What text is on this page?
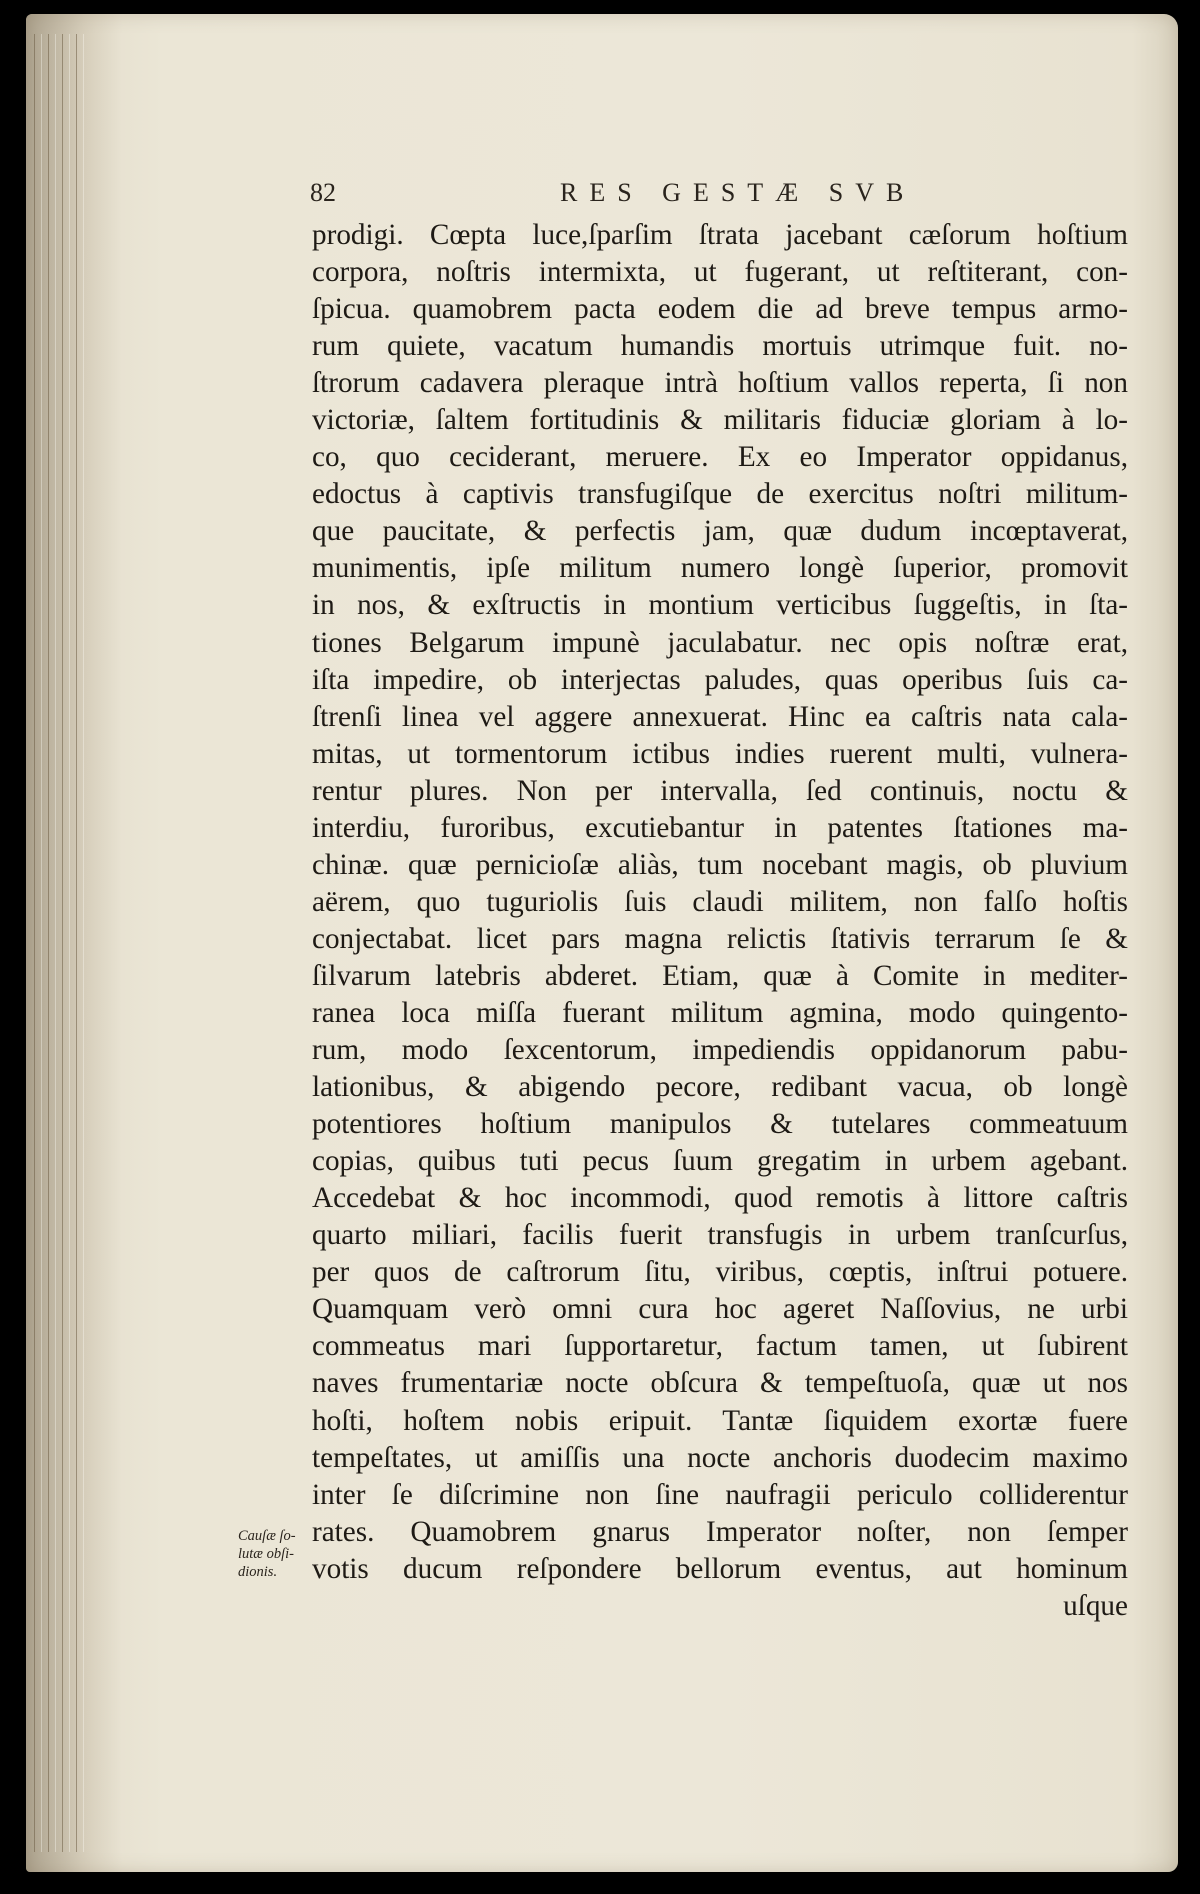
82	RES GESTÆ SVB
prodigi. Cœpta luce,ſparſim ſtrata jacebant cæſorum hoſtium
corpora, noſtris intermixta, ut fugerant, ut reſtiterant, con-
ſpicua. quamobrem pacta eodem die ad breve tempus armo-
rum quiete, vacatum humandis mortuis utrimque fuit. no-
ſtrorum cadavera pleraque intrà hoſtium vallos reperta, ſi non
victoriæ, ſaltem fortitudinis & militaris fiduciæ gloriam à lo-
co, quo ceciderant, meruere. Ex eo Imperator oppidanus,
edoctus à captivis transfugiſque de exercitus noſtri militum-
que paucitate, & perfectis jam, quæ dudum incœptaverat,
munimentis, ipſe militum numero longè ſuperior, promovit
in nos, & exſtructis in montium verticibus ſuggeſtis, in ſta-
tiones Belgarum impunè jaculabatur. nec opis noſtræ erat,
iſta impedire, ob interjectas paludes, quas operibus ſuis ca-
ſtrenſi linea vel aggere annexuerat. Hinc ea caſtris nata cala-
mitas, ut tormentorum ictibus indies ruerent multi, vulnera-
rentur plures. Non per intervalla, ſed continuis, noctu &
interdiu, furoribus, excutiebantur in patentes ſtationes ma-
chinæ. quæ pernicioſæ aliàs, tum nocebant magis, ob pluvium
aërem, quo tuguriolis ſuis claudi militem, non falſo hoſtis
conjectabat. licet pars magna relictis ſtativis terrarum ſe &
ſilvarum latebris abderet. Etiam, quæ à Comite in mediter-
ranea loca miſſa fuerant militum agmina, modo quingento-
rum, modo ſexcentorum, impediendis oppidanorum pabu-
lationibus, & abigendo pecore, redibant vacua, ob longè
potentiores hoſtium manipulos & tutelares commeatuum
copias, quibus tuti pecus ſuum gregatim in urbem agebant.
Accedebat & hoc incommodi, quod remotis à littore caſtris
quarto miliari, facilis fuerit transfugis in urbem tranſcurſus,
per quos de caſtrorum ſitu, viribus, cœptis, inſtrui potuere.
Quamquam verò omni cura hoc ageret Naſſovius, ne urbi
commeatus mari ſupportaretur, factum tamen, ut ſubirent
naves frumentariæ nocte obſcura & tempeſtuoſa, quæ ut nos
hoſti, hoſtem nobis eripuit. Tantæ ſiquidem exortæ fuere
tempeſtates, ut amiſſis una nocte anchoris duodecim maximo
inter ſe diſcrimine non ſine naufragii periculo colliderentur
rates. Quamobrem gnarus Imperator noſter, non ſemper
votis ducum reſpondere bellorum eventus, aut hominum
uſque
Cauſæ ſo-
lutæ obſi-
dionis.
